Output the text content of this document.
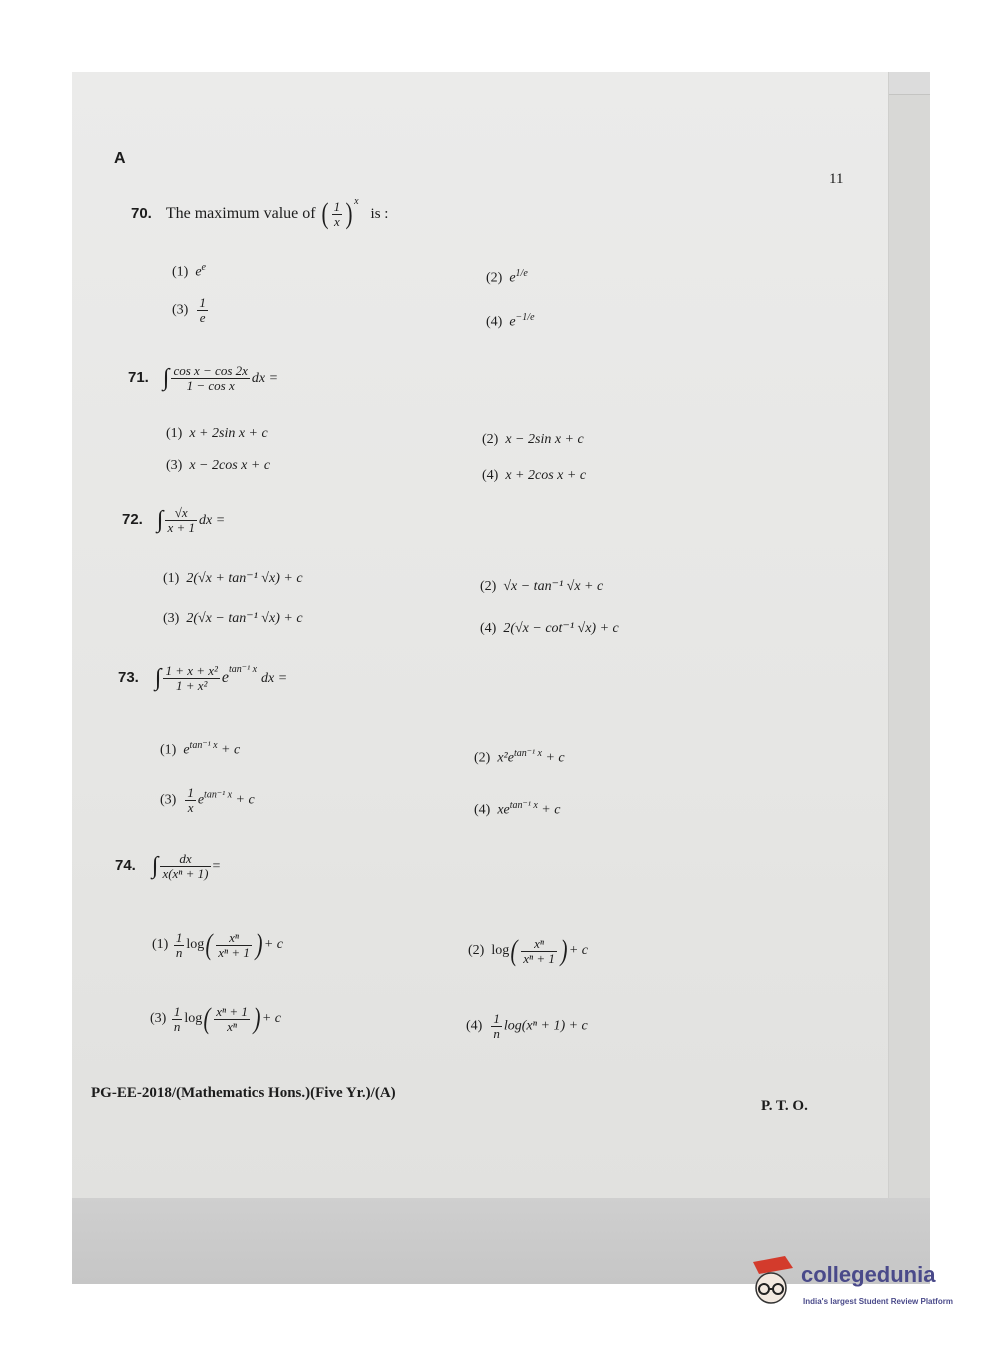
A
11
70. The maximum value of ( $\frac{1}{x}$ ) $^x$ is :
(1) $e^e$
(2) $e^{1/e}$
$(3) \frac{1}{e}$	(4) $e^{-1/e}$
71. ∫ $\frac{\text{cos x − cos 2x}}{\text{1 − cos x}}$ dx =
(1) x + 2sin x + c	(2) x − 2sin x + c
(3) x − 2cos x + c
(4) x + 2cos x + c
72. ∫ $\frac{√x}{x + 1}$ dx =
(1) 2(√x + tan⁻¹ √x) + c
(2) √x − tan⁻¹ √x + c
(3) 2(√x − tan⁻¹ √x) + c
(4) 2(√x − cot⁻¹ √x) + c
73. ∫ $\frac{\text{1 + x + x²}}{\text{1 + x²}} e^{tan^{-1} x}$ dx =
(1) $e^{tan^{-1} x} + c$
(2) $x^2e^{tan^{-1} x} + c$
$(3) \frac{1}{x} e^{tan^{-1} x} + c$
(4) $xe^{tan^{-1} x} + c$
74. ∫ $\frac{dx}{\text{x(xⁿ + 1)}}$ =
$(1) \frac{1}{n} \log( \frac{\text{xⁿ}}{\text{xⁿ + 1}}$ ) + c	(2) $\log( \frac{\text{xⁿ}}{\text{xⁿ + 1}}$ ) + c
$(3) \frac{1}{n} \log( \frac{\text{xⁿ + 1}}{\text{xⁿ}}$ ) + c	$(4) \frac{1}{n} \log(x^n + 1) + c$
PG-EE-2018/(Mathematics Hons.)(Five Yr.)/(A)
P. T. O.
collegedunia
India's largest Student Review Platform
